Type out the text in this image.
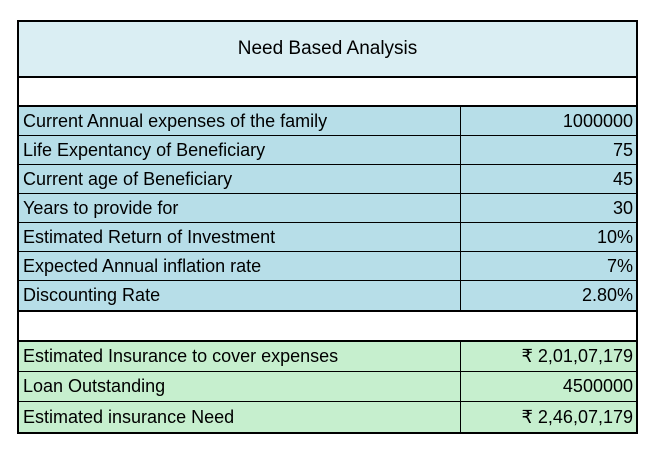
Need Based Analysis
Current Annual expenses of the family	1000000
Life Expentancy of Beneficiary	75
Current age of Beneficiary	45
Years to provide for	30
Estimated Return of Investment	10%
Expected Annual inflation rate	7%
Discounting Rate	2.80%
Estimated Insurance to cover expenses	₹ 2,01,07,179
Loan Outstanding	4500000
Estimated insurance Need	₹ 2,46,07,179
